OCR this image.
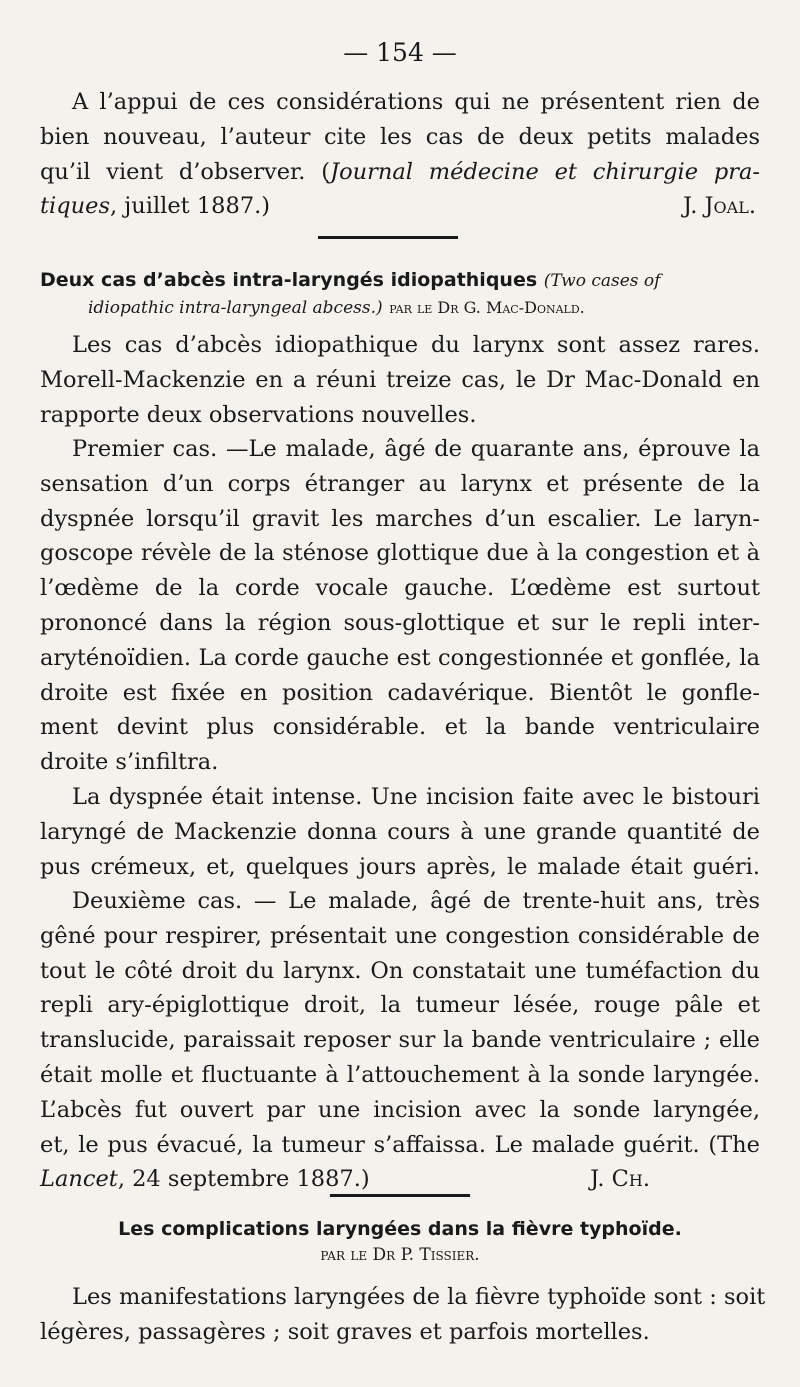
— 154 —
A l’appui de ces considérations qui ne présentent rien de
bien nouveau, l’auteur cite les cas de deux petits malades
qu’il vient d’observer. (Journal médecine et chirurgie pra-
tiques, juillet 1887.)	J. Joal.
Deux cas d’abcès intra-laryngés idiopathiques (Two cases of
idiopathic intra-laryngeal abcess.) par le Dr G. Mac-Donald.
Les cas d’abcès idiopathique du larynx sont assez rares.
Morell-Mackenzie en a réuni treize cas, le Dr Mac-Donald en
rapporte deux observations nouvelles.
Premier cas. —Le malade, âgé de quarante ans, éprouve la
sensation d’un corps étranger au larynx et présente de la
dyspnée lorsqu’il gravit les marches d’un escalier. Le laryn-
goscope révèle de la sténose glottique due à la congestion et à
l’œdème de la corde vocale gauche. L’œdème est surtout
prononcé dans la région sous-glottique et sur le repli inter-
aryténoïdien. La corde gauche est congestionnée et gonflée, la
droite est fixée en position cadavérique. Bientôt le gonfle-
ment devint plus considérable. et la bande ventriculaire
droite s’infiltra.
La dyspnée était intense. Une incision faite avec le bistouri
laryngé de Mackenzie donna cours à une grande quantité de
pus crémeux, et, quelques jours après, le malade était guéri.
Deuxième cas. — Le malade, âgé de trente-huit ans, très
gêné pour respirer, présentait une congestion considérable de
tout le côté droit du larynx. On constatait une tuméfaction du
repli ary-épiglottique droit, la tumeur lésée, rouge pâle et
translucide, paraissait reposer sur la bande ventriculaire ; elle
était molle et fluctuante à l’attouchement à la sonde laryngée.
L’abcès fut ouvert par une incision avec la sonde laryngée,
et, le pus évacué, la tumeur s’affaissa. Le malade guérit. (The
Lancet, 24 septembre 1887.)	J. Ch.
Les complications laryngées dans la fièvre typhoïde.
par le Dr P. Tissier.
Les manifestations laryngées de la fièvre typhoïde sont : soit
légères, passagères ; soit graves et parfois mortelles.
